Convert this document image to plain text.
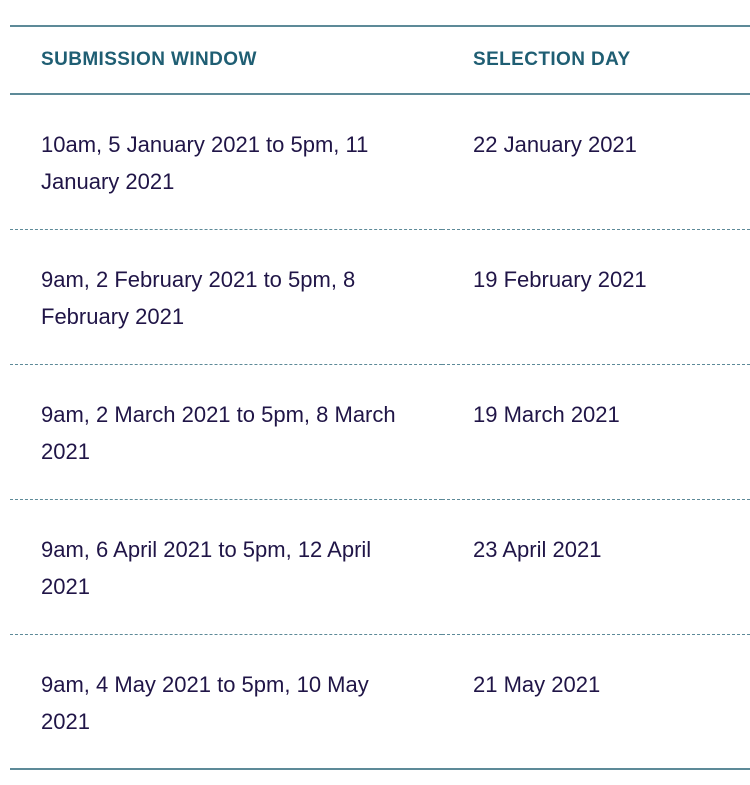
SUBMISSION WINDOW	SELECTION DAY
10am, 5 January 2021 to 5pm, 11 January 2021	22 January 2021
9am, 2 February 2021 to 5pm, 8 February 2021	19 February 2021
9am, 2 March 2021 to 5pm, 8 March 2021	19 March 2021
9am, 6 April 2021 to 5pm, 12 April 2021	23 April 2021
9am, 4 May 2021 to 5pm, 10 May 2021	21 May 2021
